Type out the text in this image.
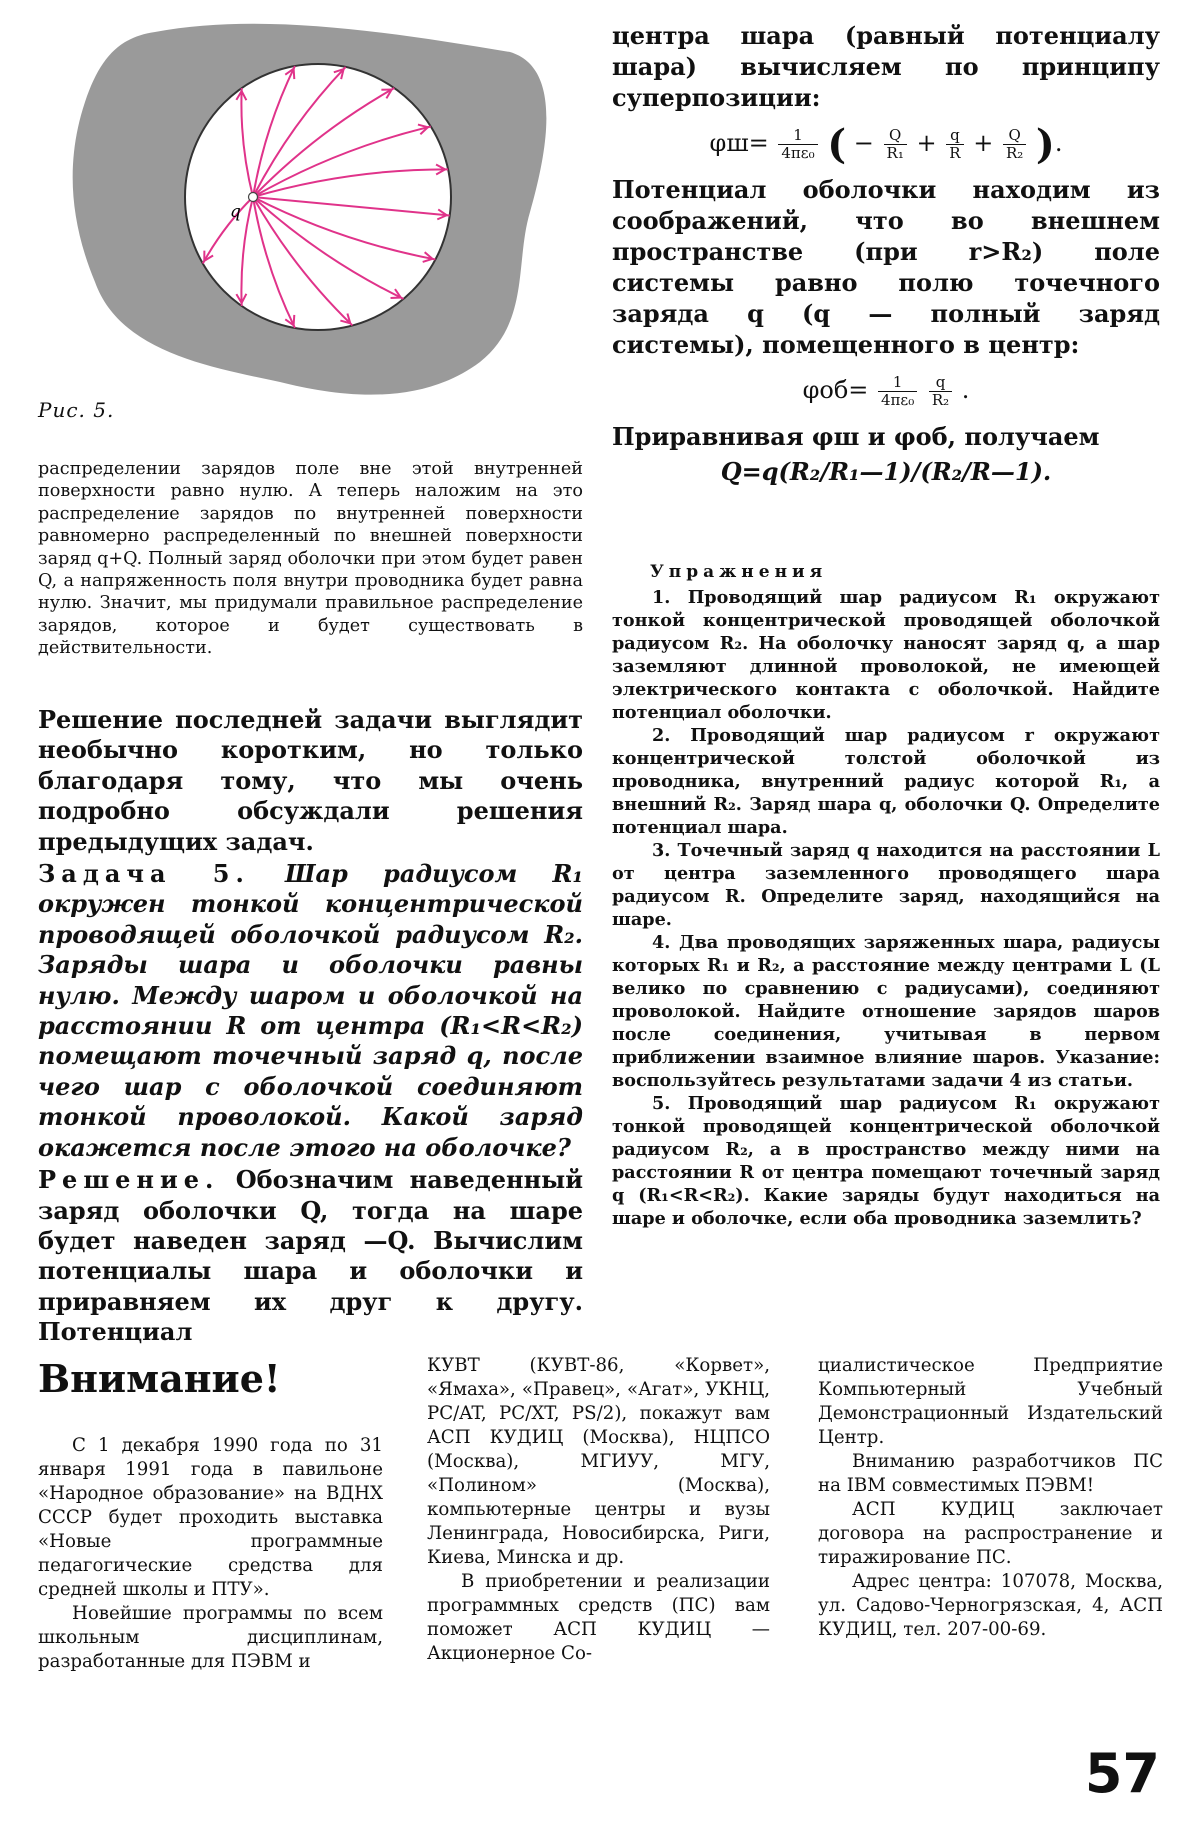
q
Рис. 5.
распределении зарядов поле вне этой внутренней поверхности равно нулю. А теперь наложим на это распределение зарядов по внутренней поверхности равномерно распределенный по внешней поверхности заряд q+Q. Полный заряд оболочки при этом будет равен Q, а напряженность поля внутри проводника будет равна нулю. Значит, мы придумали правильное распределение зарядов, которое и будет существовать в действительности.

Решение последней задачи выглядит необычно коротким, но только благодаря тому, что мы очень подробно обсуждали решения предыдущих задач.

Задача 5. Шар радиусом R₁ окружен тонкой концентрической проводящей оболочкой радиусом R₂. Заряды шара и оболочки равны нулю. Между шаром и оболочкой на расстоянии R от центра (R₁<R<R₂) помещают точечный заряд q, после чего шар с оболочкой соединяют тонкой проволокой. Какой заряд окажется после этого на оболочке?

Решение. Обозначим наведенный заряд оболочки Q, тогда на шаре будет наведен заряд —Q. Вычислим потенциалы шара и оболочки и приравняем их друг к другу. Потенциал

центра шара (равный потенциалу шара) вычисляем по принципу суперпозиции:

$\varphi ш= \frac{1}{\text{4πε₀}}$ ( − $\frac{Q}{\text{R₁}} + \frac{q}{R} + \frac{Q}{\text{R₂}}$ ).

Потенциал оболочки находим из соображений, что во внешнем пространстве (при r>R₂) поле системы равно полю точечного заряда q (q — полный заряд системы), помещенного в центр:

$\varphi об= \frac{1}{\text{4πε₀}}$
$\frac{q}{\text{R₂}}$ .

Приравнивая φш и φоб, получаем

Q=q(R₂/R₁—1)/(R₂/R—1).
Упражнения

1. Проводящий шар радиусом R₁ окружают тонкой концентрической проводящей оболочкой радиусом R₂. На оболочку наносят заряд q, а шар заземляют длинной проволокой, не имеющей электрического контакта с оболочкой. Найдите потенциал оболочки.

2. Проводящий шар радиусом r окружают концентрической толстой оболочкой из проводника, внутренний радиус которой R₁, а внешний R₂. Заряд шара q, оболочки Q. Определите потенциал шара.

3. Точечный заряд q находится на расстоянии L от центра заземленного проводящего шара радиусом R. Определите заряд, находящийся на шаре.

4. Два проводящих заряженных шара, радиусы которых R₁ и R₂, а расстояние между центрами L (L велико по сравнению с радиусами), соединяют проволокой. Найдите отношение зарядов шаров после соединения, учитывая в первом приближении взаимное влияние шаров. Указание: воспользуйтесь результатами задачи 4 из статьи.

5. Проводящий шар радиусом R₁ окружают тонкой проводящей концентрической оболочкой радиусом R₂, а в пространство между ними на расстоянии R от центра помещают точечный заряд q (R₁<R<R₂). Какие заряды будут находиться на шаре и оболочке, если оба проводника заземлить?

Внимание!

С 1 декабря 1990 года по 31 января 1991 года в павильоне «Народное образование» на ВДНХ СССР будет проходить выставка «Новые программные педагогические средства для средней школы и ПТУ».

Новейшие программы по всем школьным дисциплинам, разработанные для ПЭВМ и

КУВТ (КУВТ-86, «Корвет», «Ямаха», «Правец», «Агат», УКНЦ, PC/AT, PC/XT, PS/2), покажут вам АСП КУДИЦ (Москва), НЦПСО (Москва), МГИУУ, МГУ, «Полином» (Москва), компьютерные центры и вузы Ленинграда, Новосибирска, Риги, Киева, Минска и др.

В приобретении и реализации программных средств (ПС) вам поможет АСП КУДИЦ — Акционерное Со-

циалистическое Предприятие Компьютерный Учебный Демонстрационный Издательский Центр.

Вниманию разработчиков ПС на IBM совместимых ПЭВМ!

АСП КУДИЦ заключает договора на распространение и тиражирование ПС.

Адрес центра: 107078, Москва, ул. Садово-Черногрязская, 4, АСП КУДИЦ, тел. 207-00-69.

57
